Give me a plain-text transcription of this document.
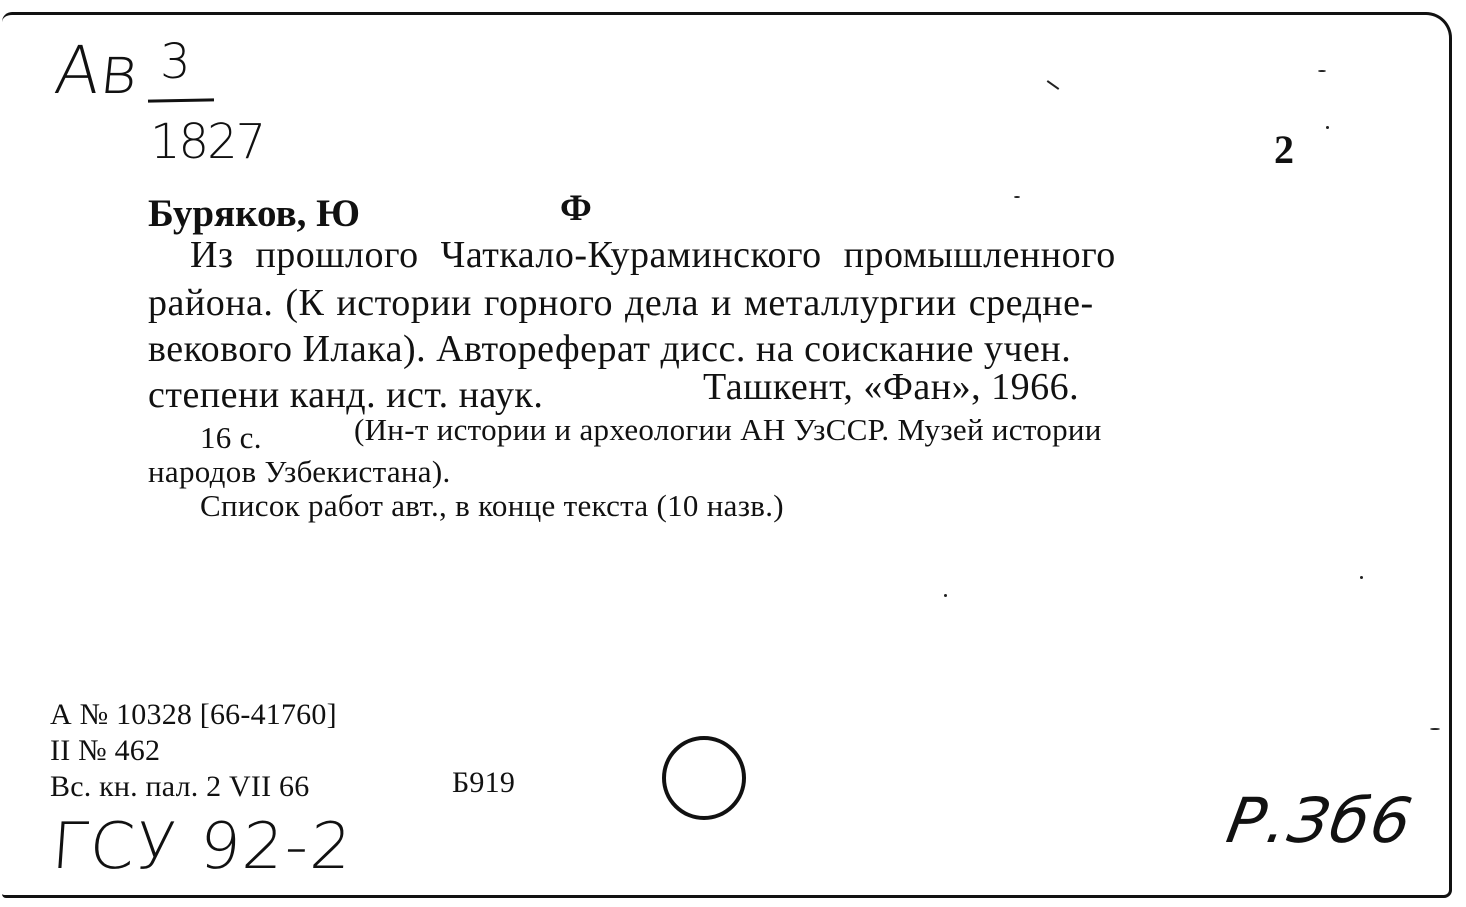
Ав 3
1827	2
Буряков, Ю	Ф
Из прошлого Чаткало-Кураминского промышленного
района. (К истории горного дела и металлургии средне-
векового Илака). Автореферат дисс. на соискание учен.
степени канд. ист. наук.	Ташкент, «Фан», 1966.
16 с.	(Ин-т истории и археологии АН УзССР. Музей истории
народов Узбекистана).
Список работ авт., в конце текста (10 назв.)
А № 10328 [66-41760]
II № 462
Вс. кн. пал. 2 VII 66	Б919
ГСУ 92-2	Р.Зб6
